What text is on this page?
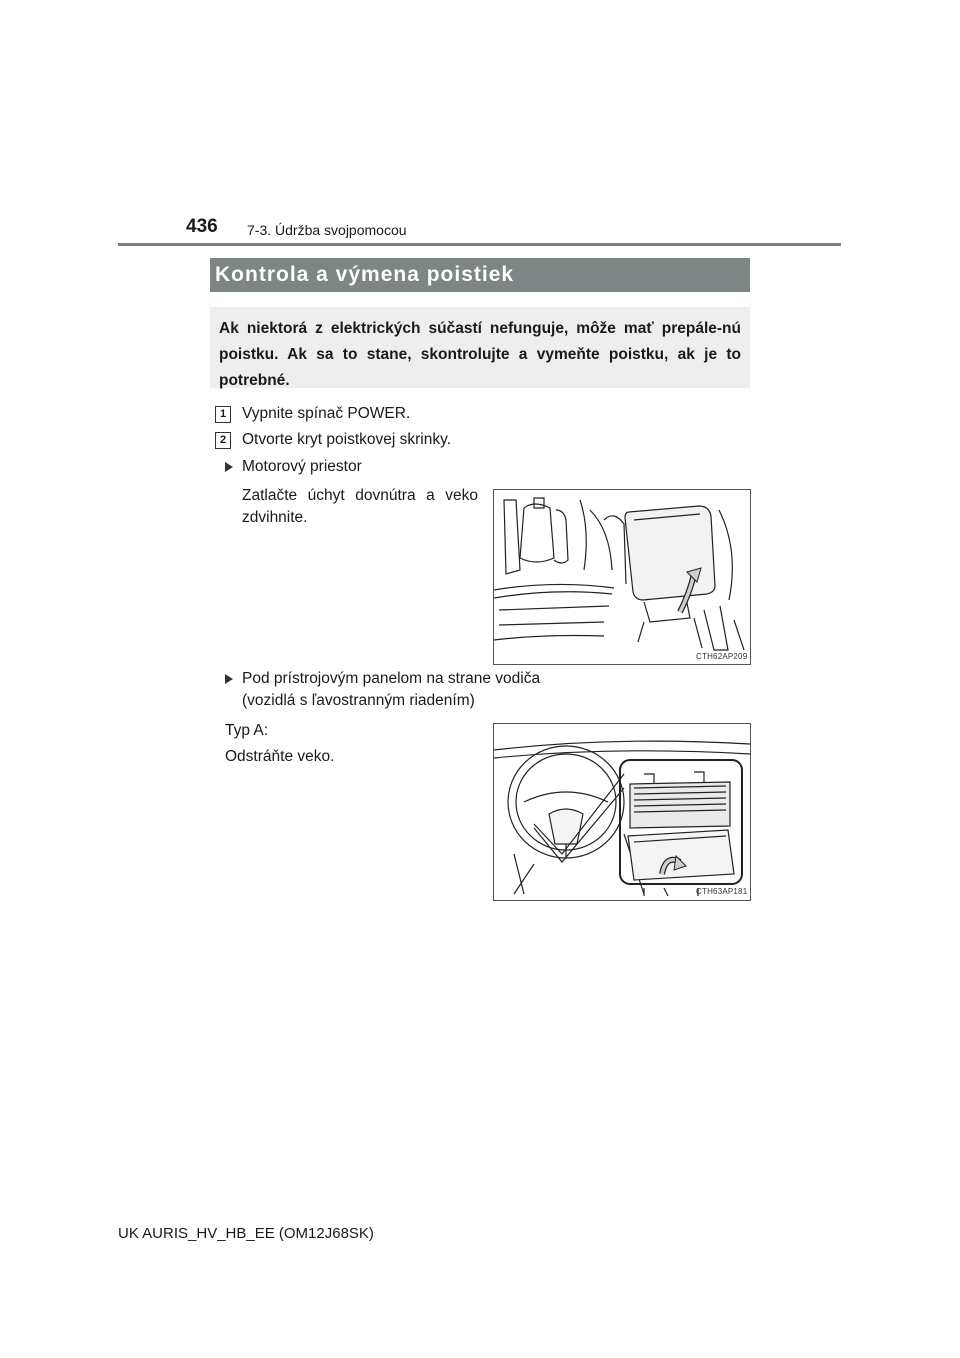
436 7-3. Údržba svojpomocou
Kontrola a výmena poistiek
Ak niektorá z elektrických súčastí nefunguje, môže mať prepále-nú poistku. Ak sa to stane, skontrolujte a vymeňte poistku, ak je to potrebné.
1	Vypnite spínač POWER.
2	Otvorte kryt poistkovej skrinky.
Motorový priestor
Zatlačte úchyt dovnútra a veko
zdvihnite.
CTH62AP209
Pod prístrojovým panelom na strane vodiča
(vozidlá s ľavostranným riadením)
Typ A:
Odstráňte veko.
CTH63AP181
UK AURIS_HV_HB_EE (OM12J68SK)
